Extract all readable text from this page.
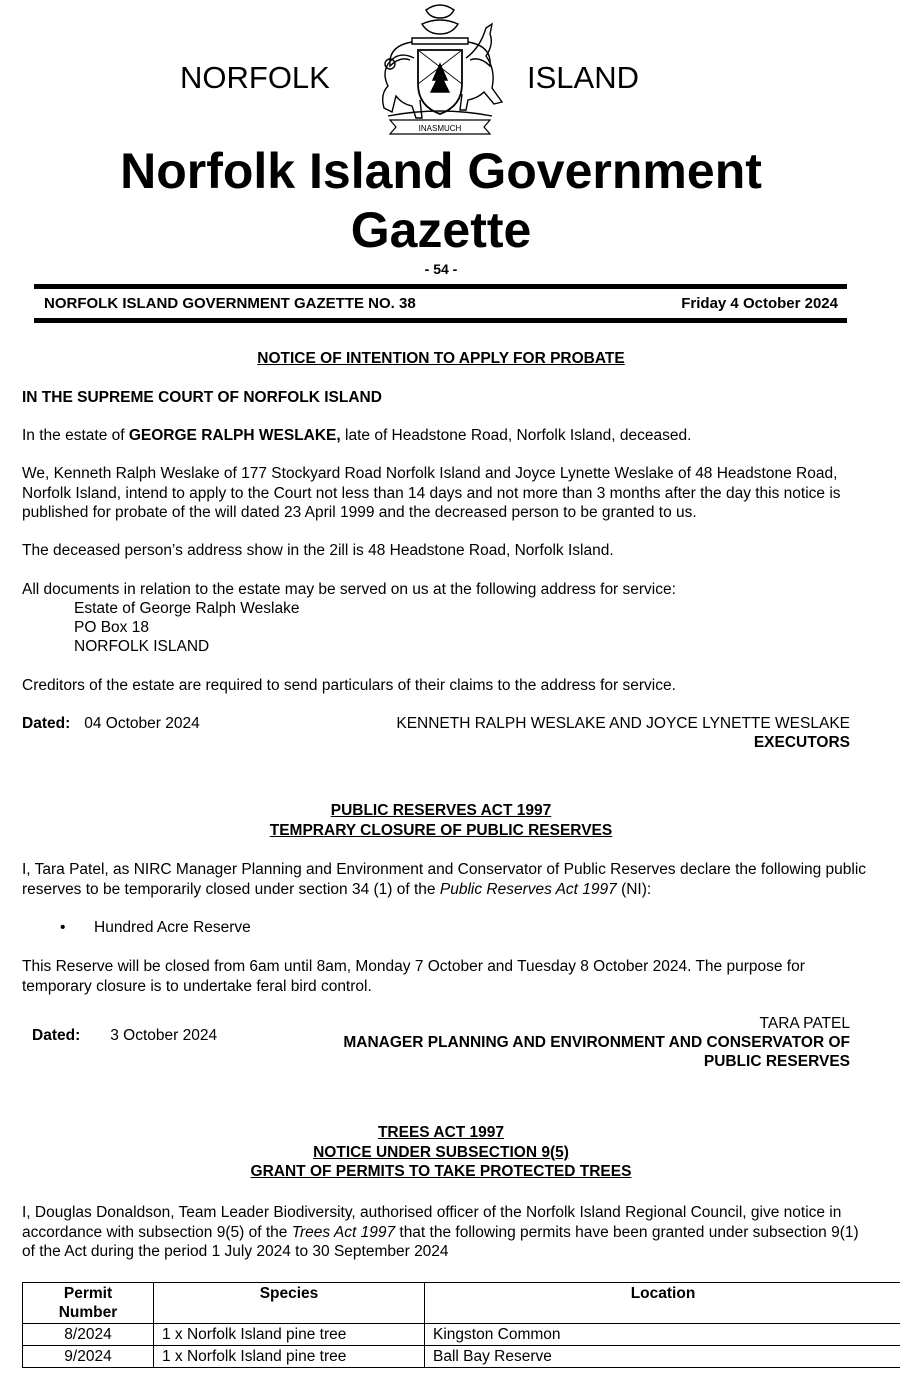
NORFOLK	ISLAND
INASMUCH
Norfolk Island Government
Gazette
- 54 -
NORFOLK ISLAND GOVERNMENT GAZETTE NO. 38	Friday 4 October 2024
NOTICE OF INTENTION TO APPLY FOR PROBATE
IN THE SUPREME COURT OF NORFOLK ISLAND
In the estate of GEORGE RALPH WESLAKE, late of Headstone Road, Norfolk Island, deceased.
We, Kenneth Ralph Weslake of 177 Stockyard Road Norfolk Island and Joyce Lynette Weslake of 48 Headstone Road, Norfolk Island, intend to apply to the Court not less than 14 days and not more than 3 months after the day this notice is published for probate of the will dated 23 April 1999 and the decreased person to be granted to us.
The deceased person’s address show in the 2ill is 48 Headstone Road, Norfolk Island.
All documents in relation to the estate may be served on us at the following address for service:
Estate of George Ralph Weslake
PO Box 18
NORFOLK ISLAND
Creditors of the estate are required to send particulars of their claims to the address for service.
Dated: 04 October 2024	KENNETH RALPH WESLAKE AND JOYCE LYNETTE WESLAKE
EXECUTORS
PUBLIC RESERVES ACT 1997
TEMPRARY CLOSURE OF PUBLIC RESERVES
I, Tara Patel, as NIRC Manager Planning and Environment and Conservator of Public Reserves declare the following public reserves to be temporarily closed under section 34 (1) of the Public Reserves Act 1997 (NI):
• Hundred Acre Reserve
This Reserve will be closed from 6am until 8am, Monday 7 October and Tuesday 8 October 2024. The purpose for temporary closure is to undertake feral bird control.
Dated: 3 October 2024
TARA PATEL
MANAGER PLANNING AND ENVIRONMENT AND CONSERVATOR OF
PUBLIC RESERVES
TREES ACT 1997
NOTICE UNDER SUBSECTION 9(5)
GRANT OF PERMITS TO TAKE PROTECTED TREES
I, Douglas Donaldson, Team Leader Biodiversity, authorised officer of the Norfolk Island Regional Council, give notice in accordance with subsection 9(5) of the Trees Act 1997 that the following permits have been granted under subsection 9(1) of the Act during the period 1 July 2024 to 30 September 2024
Permit
Number	Species	Location
8/2024	1 x Norfolk Island pine tree	Kingston Common
9/2024	1 x Norfolk Island pine tree	Ball Bay Reserve
